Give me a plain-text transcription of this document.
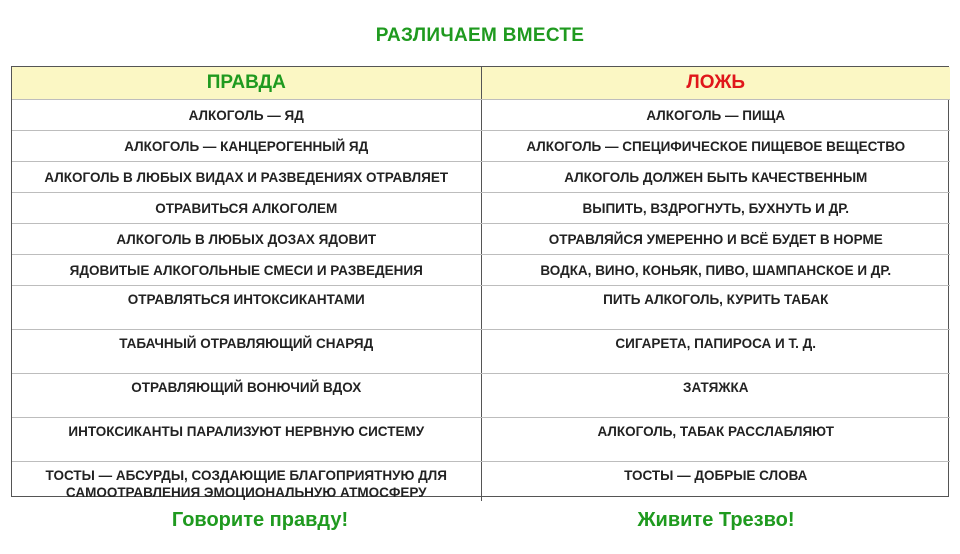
РАЗЛИЧАЕМ ВМЕСТЕ
ПРАВДА	ЛОЖЬ
АЛКОГОЛЬ — ЯД	АЛКОГОЛЬ — ПИЩА
АЛКОГОЛЬ — КАНЦЕРОГЕННЫЙ ЯД	АЛКОГОЛЬ — СПЕЦИФИЧЕСКОЕ ПИЩЕВОЕ ВЕЩЕСТВО
АЛКОГОЛЬ В ЛЮБЫХ ВИДАХ И РАЗВЕДЕНИЯХ ОТРАВЛЯЕТ	АЛКОГОЛЬ ДОЛЖЕН БЫТЬ КАЧЕСТВЕННЫМ
ОТРАВИТЬСЯ АЛКОГОЛЕМ	ВЫПИТЬ, ВЗДРОГНУТЬ, БУХНУТЬ И ДР.
АЛКОГОЛЬ В ЛЮБЫХ ДОЗАХ ЯДОВИТ	ОТРАВЛЯЙСЯ УМЕРЕННО И ВСЁ БУДЕТ В НОРМЕ
ЯДОВИТЫЕ АЛКОГОЛЬНЫЕ СМЕСИ И РАЗВЕДЕНИЯ	ВОДКА, ВИНО, КОНЬЯК, ПИВО, ШАМПАНСКОЕ И ДР.
ОТРАВЛЯТЬСЯ ИНТОКСИКАНТАМИ	ПИТЬ АЛКОГОЛЬ, КУРИТЬ ТАБАК
ТАБАЧНЫЙ ОТРАВЛЯЮЩИЙ СНАРЯД	СИГАРЕТА, ПАПИРОСА И Т. Д.
ОТРАВЛЯЮЩИЙ ВОНЮЧИЙ ВДОХ	ЗАТЯЖКА
ИНТОКСИКАНТЫ ПАРАЛИЗУЮТ НЕРВНУЮ СИСТЕМУ	АЛКОГОЛЬ, ТАБАК РАССЛАБЛЯЮТ
ТОСТЫ — АБСУРДЫ, СОЗДАЮЩИЕ БЛАГОПРИЯТНУЮ ДЛЯ САМООТРАВЛЕНИЯ ЭМОЦИОНАЛЬНУЮ АТМОСФЕРУ	ТОСТЫ — ДОБРЫЕ СЛОВА
Говорите правду!	Живите Трезво!
